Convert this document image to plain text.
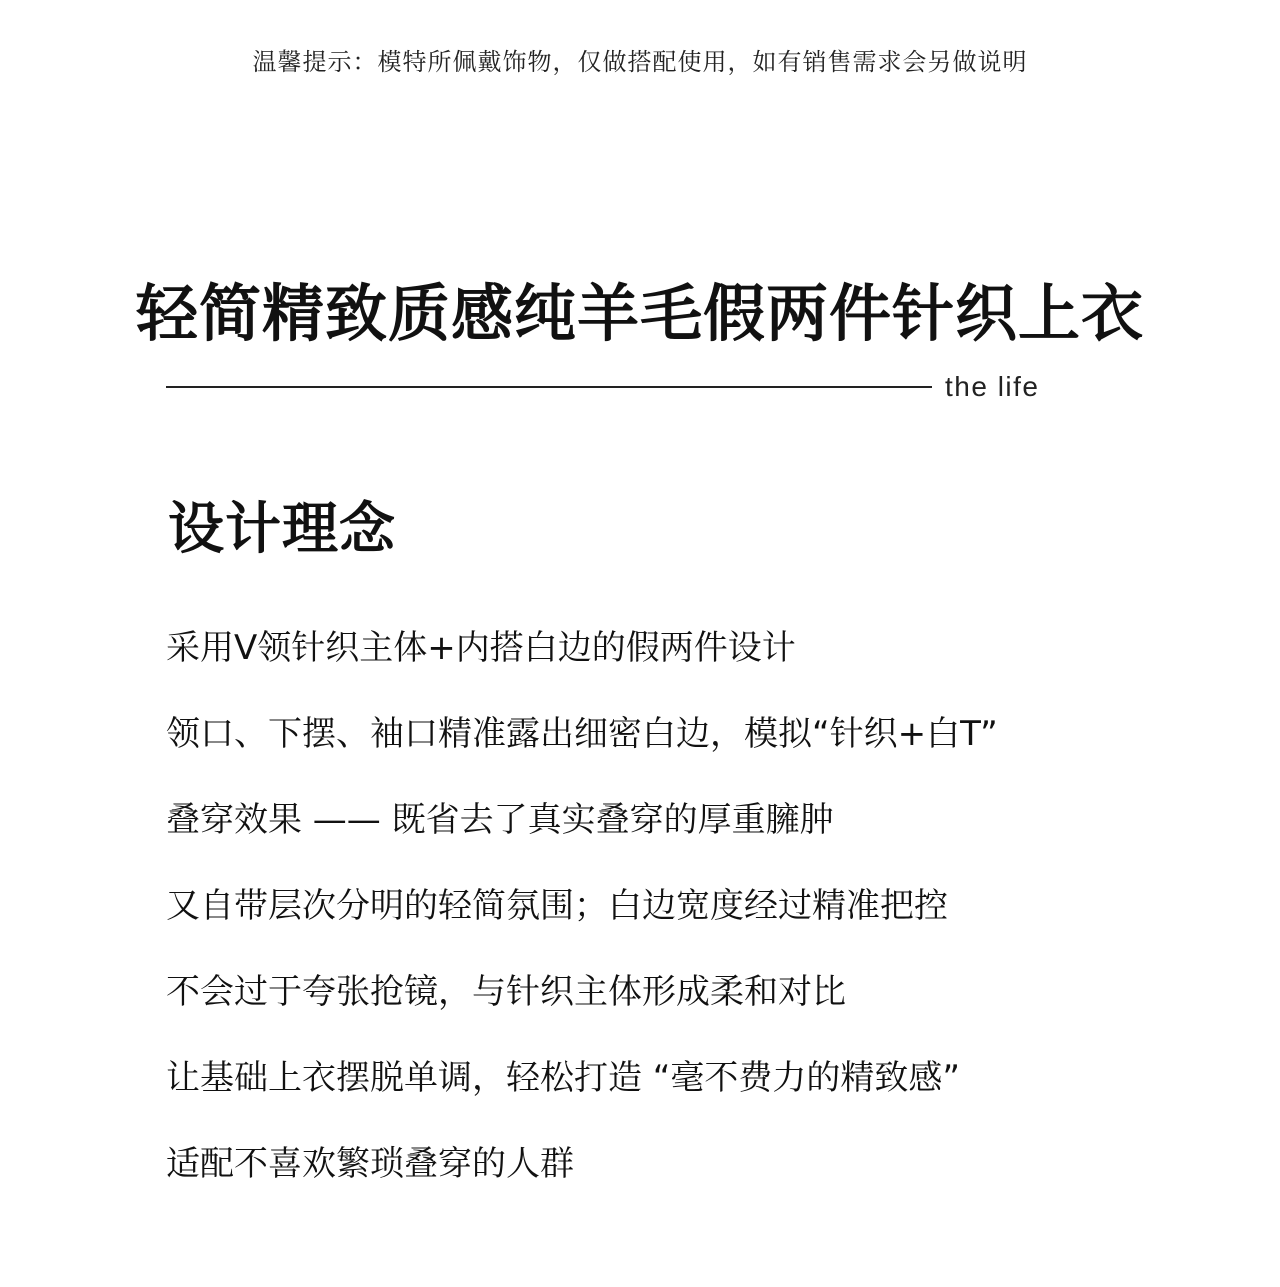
温馨提示：模特所佩戴饰物，仅做搭配使用，如有销售需求会另做说明
轻简精致质感纯羊毛假两件针织上衣
the life
设计理念
采用V领针织主体+内搭白边的假两件设计
领口、下摆、袖口精准露出细密白边，模拟“针织+白T”
叠穿效果 —— 既省去了真实叠穿的厚重臃肿
又自带层次分明的轻简氛围；白边宽度经过精准把控
不会过于夸张抢镜，与针织主体形成柔和对比
让基础上衣摆脱单调，轻松打造 “毫不费力的精致感”
适配不喜欢繁琐叠穿的人群
